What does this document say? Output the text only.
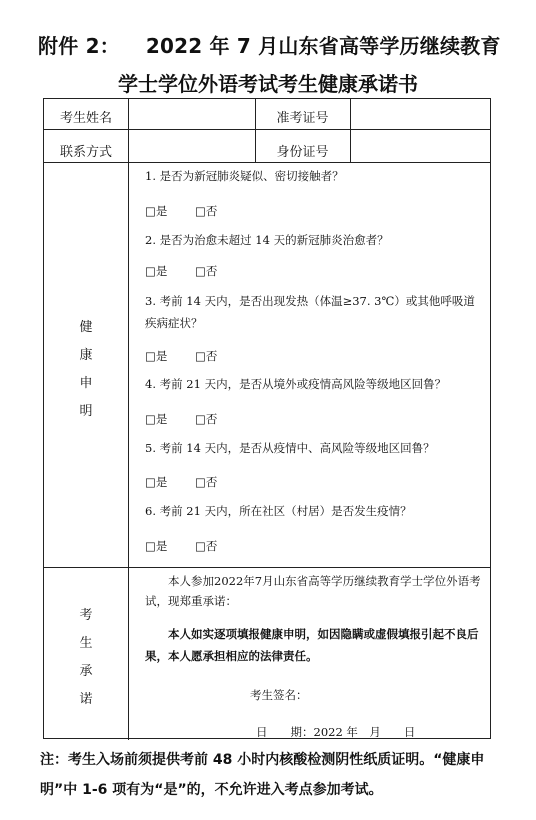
附件 2： 2022 年 7 月山东省高等学历继续教育
学士学位外语考试考生健康承诺书
考生姓名	准考证号
联系方式	身份证号
健
康
申
明
1. 是否为新冠肺炎疑似、密切接触者？
□是 □否
2. 是否为治愈未超过 14 天的新冠肺炎治愈者？
□是 □否
3. 考前 14 天内，是否出现发热（体温≥37. 3℃）或其他呼吸道疾病症状？
□是 □否
4. 考前 21 天内，是否从境外或疫情高风险等级地区回鲁？
□是 □否
5. 考前 14 天内，是否从疫情中、高风险等级地区回鲁？
□是 □否
6. 考前 21 天内，所在社区（村居）是否发生疫情？
□是 □否
考
生
承
诺
本人参加2022年7月山东省高等学历继续教育学士学位外语考试，现郑重承诺：
本人如实逐项填报健康申明，如因隐瞒或虚假填报引起不良后果，本人愿承担相应的法律责任。
考生签名：
日　　期：2022 年　月　　日
注：考生入场前须提供考前 48 小时内核酸检测阴性纸质证明。“健康申明”中 1-6 项有为“是”的，不允许进入考点参加考试。
